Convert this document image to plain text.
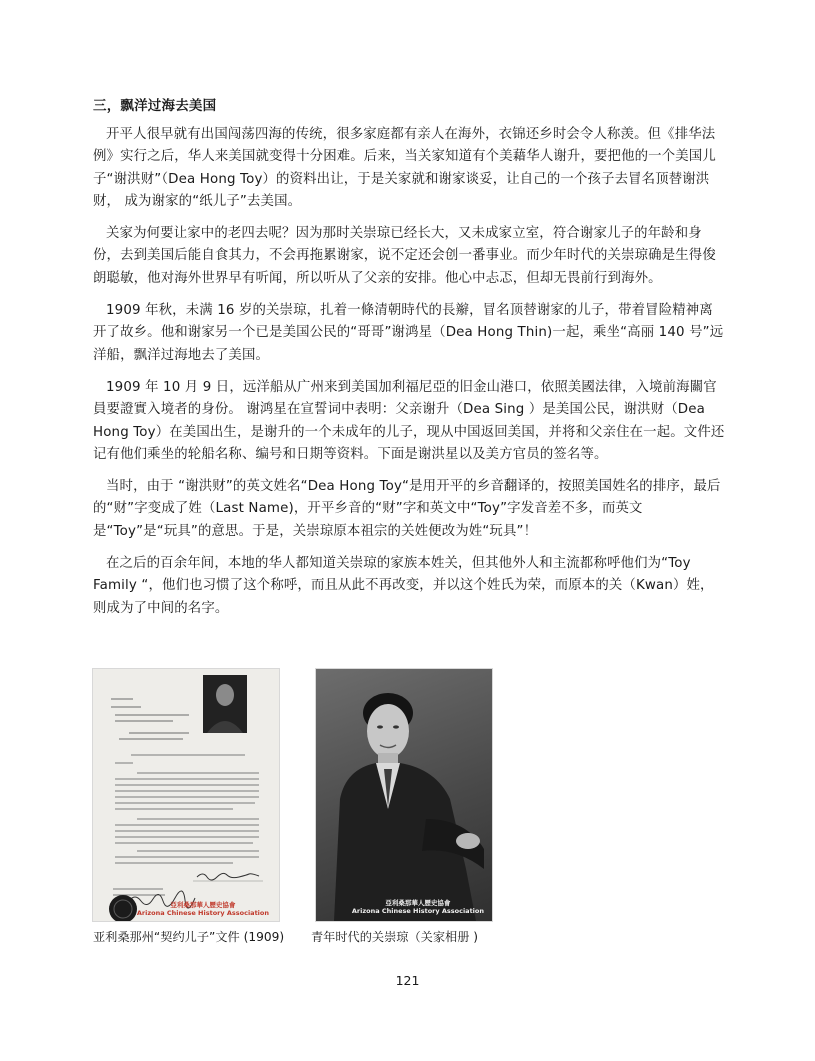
三，飘洋过海去美国

开平人很早就有出国闯荡四海的传统，很多家庭都有亲人在海外，衣锦还乡时会令人称羡。但《排华法例》实行之后，华人来美国就变得十分困难。后来，当关家知道有个美藉华人谢升，要把他的一个美国儿子“谢洪财”（Dea Hong Toy）的资料出让，于是关家就和谢家谈妥，让自己的一个孩子去冒名顶替谢洪财， 成为谢家的“纸儿子”去美国。

关家为何要让家中的老四去呢？因为那时关崇琼已经长大，又未成家立室，符合谢家儿子的年龄和身份，去到美国后能自食其力，不会再拖累谢家，说不定还会创一番事业。而少年时代的关崇琼确是生得俊朗聪敏，他对海外世界早有听闻，所以听从了父亲的安排。他心中忐忑，但却无畏前行到海外。

1909 年秋，未满 16 岁的关崇琼，扎着一條清朝時代的長辮，冒名顶替谢家的儿子，带着冒险精神离开了故乡。他和谢家另一个已是美国公民的“哥哥”谢鸿星（Dea Hong Thin)一起，乘坐“高丽 140 号”远洋船，飘洋过海地去了美国。

1909 年 10 月 9 日，远洋船从广州来到美国加利福尼亞的旧金山港口，依照美國法律，入境前海關官員要證實入境者的身份。 谢鸿星在宣誓词中表明：父亲谢升（Dea Sing ）是美国公民，谢洪财（Dea Hong Toy）在美国出生，是谢升的一个未成年的儿子，现从中国返回美国，并将和父亲住在一起。文件还记有他们乘坐的轮船名称、编号和日期等资料。下面是谢洪星以及美方官员的签名等。

当时，由于 “谢洪财”的英文姓名“Dea Hong Toy“是用开平的乡音翻译的，按照美国姓名的排序，最后的“财”字变成了姓（Last Name)，开平乡音的“财”字和英文中“Toy”字发音差不多，而英文是“Toy”是“玩具”的意思。于是，关崇琼原本祖宗的关姓便改为姓“玩具”！

在之后的百余年间，本地的华人都知道关崇琼的家族本姓关，但其他外人和主流都称呼他们为“Toy Family “，他们也习惯了这个称呼，而且从此不再改变，并以这个姓氏为荣，而原本的关（Kwan）姓，则成为了中间的名字。

亞利桑那華人歷史協會
Arizona Chinese History Association
亞利桑那華人歷史協會
Arizona Chinese History Association
亚利桑那州“契约儿子”文件 (1909) 青年时代的关崇琼（关家相册 )
121
